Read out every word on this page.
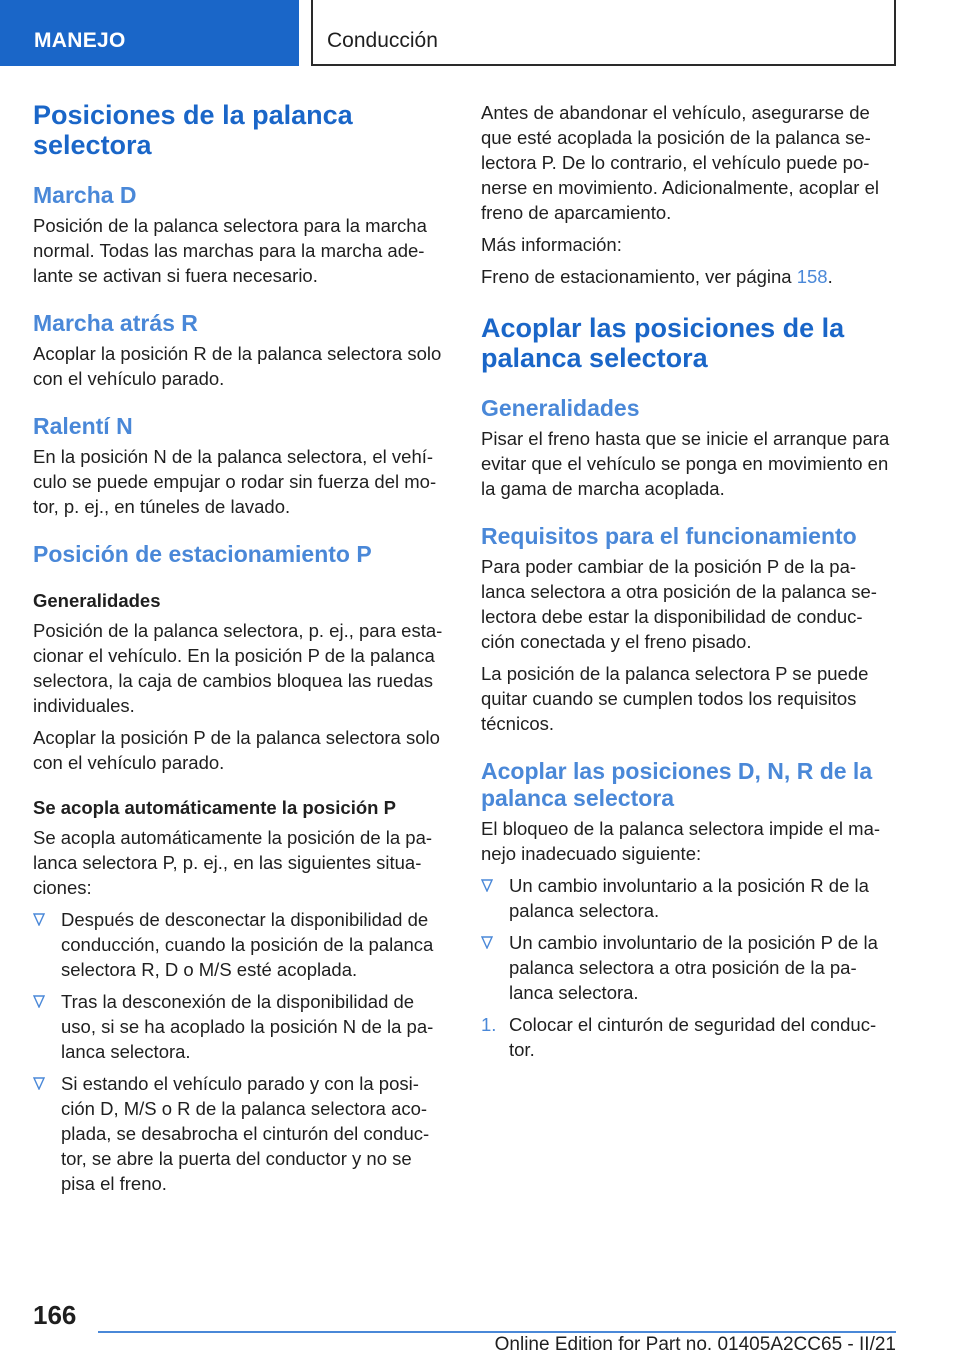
MANEJO	Conducción
Posiciones de la palanca selectora
Marcha D

Posición de la palanca selectora para la marcha normal. Todas las marchas para la marcha ade-lante se activan si fuera necesario.

Marcha atrás R

Acoplar la posición R de la palanca selectora solo con el vehículo parado.

Ralentí N

En la posición N de la palanca selectora, el vehí-culo se puede empujar o rodar sin fuerza del mo-tor, p. ej., en túneles de lavado.

Posición de estacionamiento P
Generalidades

Posición de la palanca selectora, p. ej., para esta-cionar el vehículo. En la posición P de la palanca selectora, la caja de cambios bloquea las ruedas individuales.

Acoplar la posición P de la palanca selectora solo con el vehículo parado.

Se acopla automáticamente la posición P

Se acopla automáticamente la posición de la pa-lanca selectora P, p. ej., en las siguientes situa-ciones:

Después de desconectar la disponibilidad de conducción, cuando la posición de la palanca selectora R, D o M/S esté acoplada.
Tras la desconexión de la disponibilidad de uso, si se ha acoplado la posición N de la pa-lanca selectora.
Si estando el vehículo parado y con la posi-ción D, M/S o R de la palanca selectora aco-plada, se desabrocha el cinturón del conduc-tor, se abre la puerta del conductor y no se pisa el freno.

Antes de abandonar el vehículo, asegurarse de que esté acoplada la posición de la palanca se-lectora P. De lo contrario, el vehículo puede po-nerse en movimiento. Adicionalmente, acoplar el freno de aparcamiento.

Más información:

Freno de estacionamiento, ver página 158.

Acoplar las posiciones de la palanca selectora
Generalidades

Pisar el freno hasta que se inicie el arranque para evitar que el vehículo se ponga en movimiento en la gama de marcha acoplada.

Requisitos para el funcionamiento

Para poder cambiar de la posición P de la pa-lanca selectora a otra posición de la palanca se-lectora debe estar la disponibilidad de conduc-ción conectada y el freno pisado.

La posición de la palanca selectora P se puede quitar cuando se cumplen todos los requisitos técnicos.

Acoplar las posiciones D, N, R de la palanca selectora

El bloqueo de la palanca selectora impide el ma-nejo inadecuado siguiente:

Un cambio involuntario a la posición R de la palanca selectora.
Un cambio involuntario de la posición P de la palanca selectora a otra posición de la pa-lanca selectora.
1. Colocar el cinturón de seguridad del conduc-tor.
166
Online Edition for Part no. 01405A2CC65 - II/21
